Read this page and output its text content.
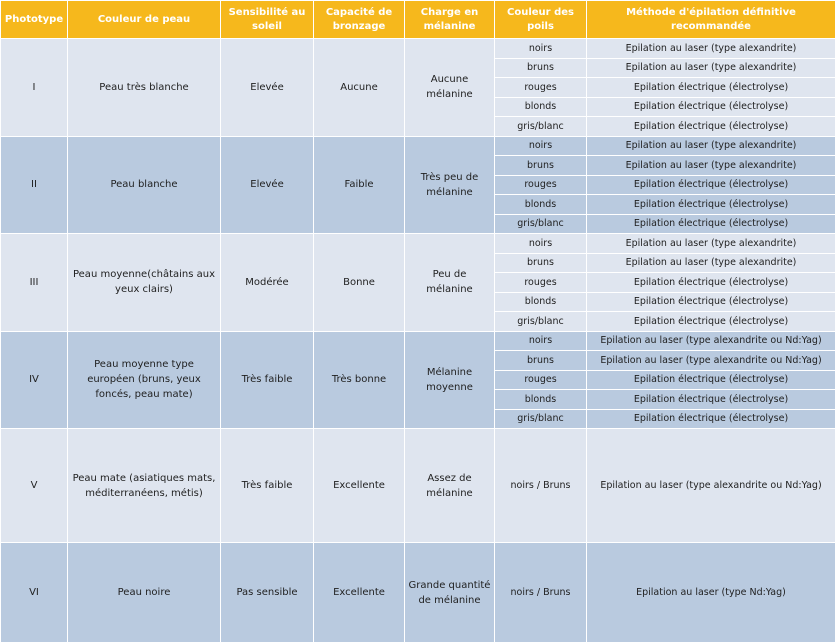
Phototype	Couleur de peau	Sensibilité au soleil	Capacité de bronzage	Charge en mélanine	Couleur des poils	Méthode d'épilation définitive recommandée
I	Peau très blanche	Elevée	Aucune	Aucune mélanine	noirs	Epilation au laser (type alexandrite)
					bruns	Epilation au laser (type alexandrite)
					rouges	Epilation électrique (électrolyse)
					blonds	Epilation électrique (électrolyse)
					gris/blanc	Epilation électrique (électrolyse)
II	Peau blanche	Elevée	Faible	Très peu de mélanine	noirs	Epilation au laser (type alexandrite)
					bruns	Epilation au laser (type alexandrite)
					rouges	Epilation électrique (électrolyse)
					blonds	Epilation électrique (électrolyse)
					gris/blanc	Epilation électrique (électrolyse)
III	Peau moyenne(châtains aux yeux clairs)	Modérée	Bonne	Peu de mélanine	noirs	Epilation au laser (type alexandrite)
					bruns	Epilation au laser (type alexandrite)
					rouges	Epilation électrique (électrolyse)
					blonds	Epilation électrique (électrolyse)
					gris/blanc	Epilation électrique (électrolyse)
IV	Peau moyenne type européen (bruns, yeux foncés, peau mate)	Très faible	Très bonne	Mélanine moyenne	noirs	Epilation au laser (type alexandrite ou Nd:Yag)
					bruns	Epilation au laser (type alexandrite ou Nd:Yag)
					rouges	Epilation électrique (électrolyse)
					blonds	Epilation électrique (électrolyse)
					gris/blanc	Epilation électrique (électrolyse)
V	Peau mate (asiatiques mats, méditerranéens, métis)	Très faible	Excellente	Assez de mélanine	noirs / Bruns	Epilation au laser (type alexandrite ou Nd:Yag)
VI	Peau noire	Pas sensible	Excellente	Grande quantité de mélanine	noirs / Bruns	Epilation au laser (type Nd:Yag)
